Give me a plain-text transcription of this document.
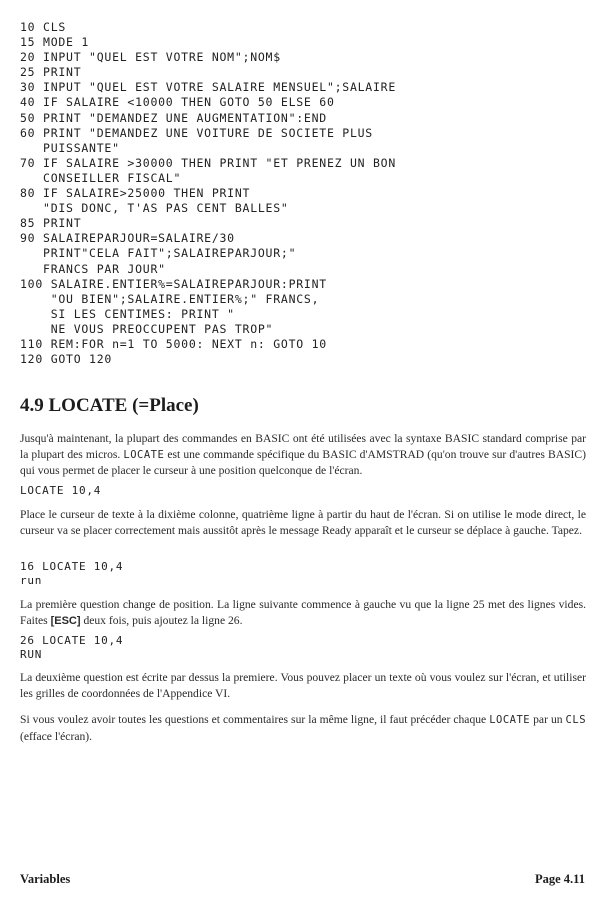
10 CLS
15 MODE 1
20 INPUT "QUEL EST VOTRE NOM";NOM$
25 PRINT
30 INPUT "QUEL EST VOTRE SALAIRE MENSUEL";SALAIRE
40 IF SALAIRE <10000 THEN GOTO 50 ELSE 60
50 PRINT "DEMANDEZ UNE AUGMENTATION":END
60 PRINT "DEMANDEZ UNE VOITURE DE SOCIETE PLUS
PUISSANTE"
70 IF SALAIRE >30000 THEN PRINT "ET PRENEZ UN BON
CONSEILLER FISCAL"
80 IF SALAIRE>25000 THEN PRINT
"DIS DONC, T'AS PAS CENT BALLES"
85 PRINT
90 SALAIREPARJOUR=SALAIRE/30
PRINT"CELA FAIT";SALAIREPARJOUR;"
FRANCS PAR JOUR"
100 SALAIRE.ENTIER%=SALAIREPARJOUR:PRINT
"OU BIEN";SALAIRE.ENTIER%;" FRANCS,
SI LES CENTIMES: PRINT "
NE VOUS PREOCCUPENT PAS TROP"
110 REM:FOR n=1 TO 5000: NEXT n: GOTO 10
120 GOTO 120
4.9 LOCATE (=Place)

Jusqu'à maintenant, la plupart des commandes en BASIC ont été utilisées avec la syntaxe BASIC standard comprise par la plupart des micros. LOCATE est une commande spécifique du BASIC d'AMSTRAD (qu'on trouve sur d'autres BASIC) qui vous permet de placer le curseur à une position quelconque de l'écran.

LOCATE 10,4

Place le curseur de texte à la dixième colonne, quatrième ligne à partir du haut de l'écran. Si on utilise le mode direct, le curseur va se placer correctement mais aussitôt après le message Ready apparaît et le curseur se déplace à gauche. Tapez.

16 LOCATE 10,4
run

La première question change de position. La ligne suivante commence à gauche vu que la ligne 25 met des lignes vides. Faites [ESC] deux fois, puis ajoutez la ligne 26.

26 LOCATE 10,4
RUN

La deuxième question est écrite par dessus la premiere. Vous pouvez placer un texte où vous voulez sur l'écran, et utiliser les grilles de coordonnées de l'Appendice VI.

Si vous voulez avoir toutes les questions et commentaires sur la même ligne, il faut précéder chaque LOCATE par un CLS (efface l'écran).

Variables	Page 4.11
